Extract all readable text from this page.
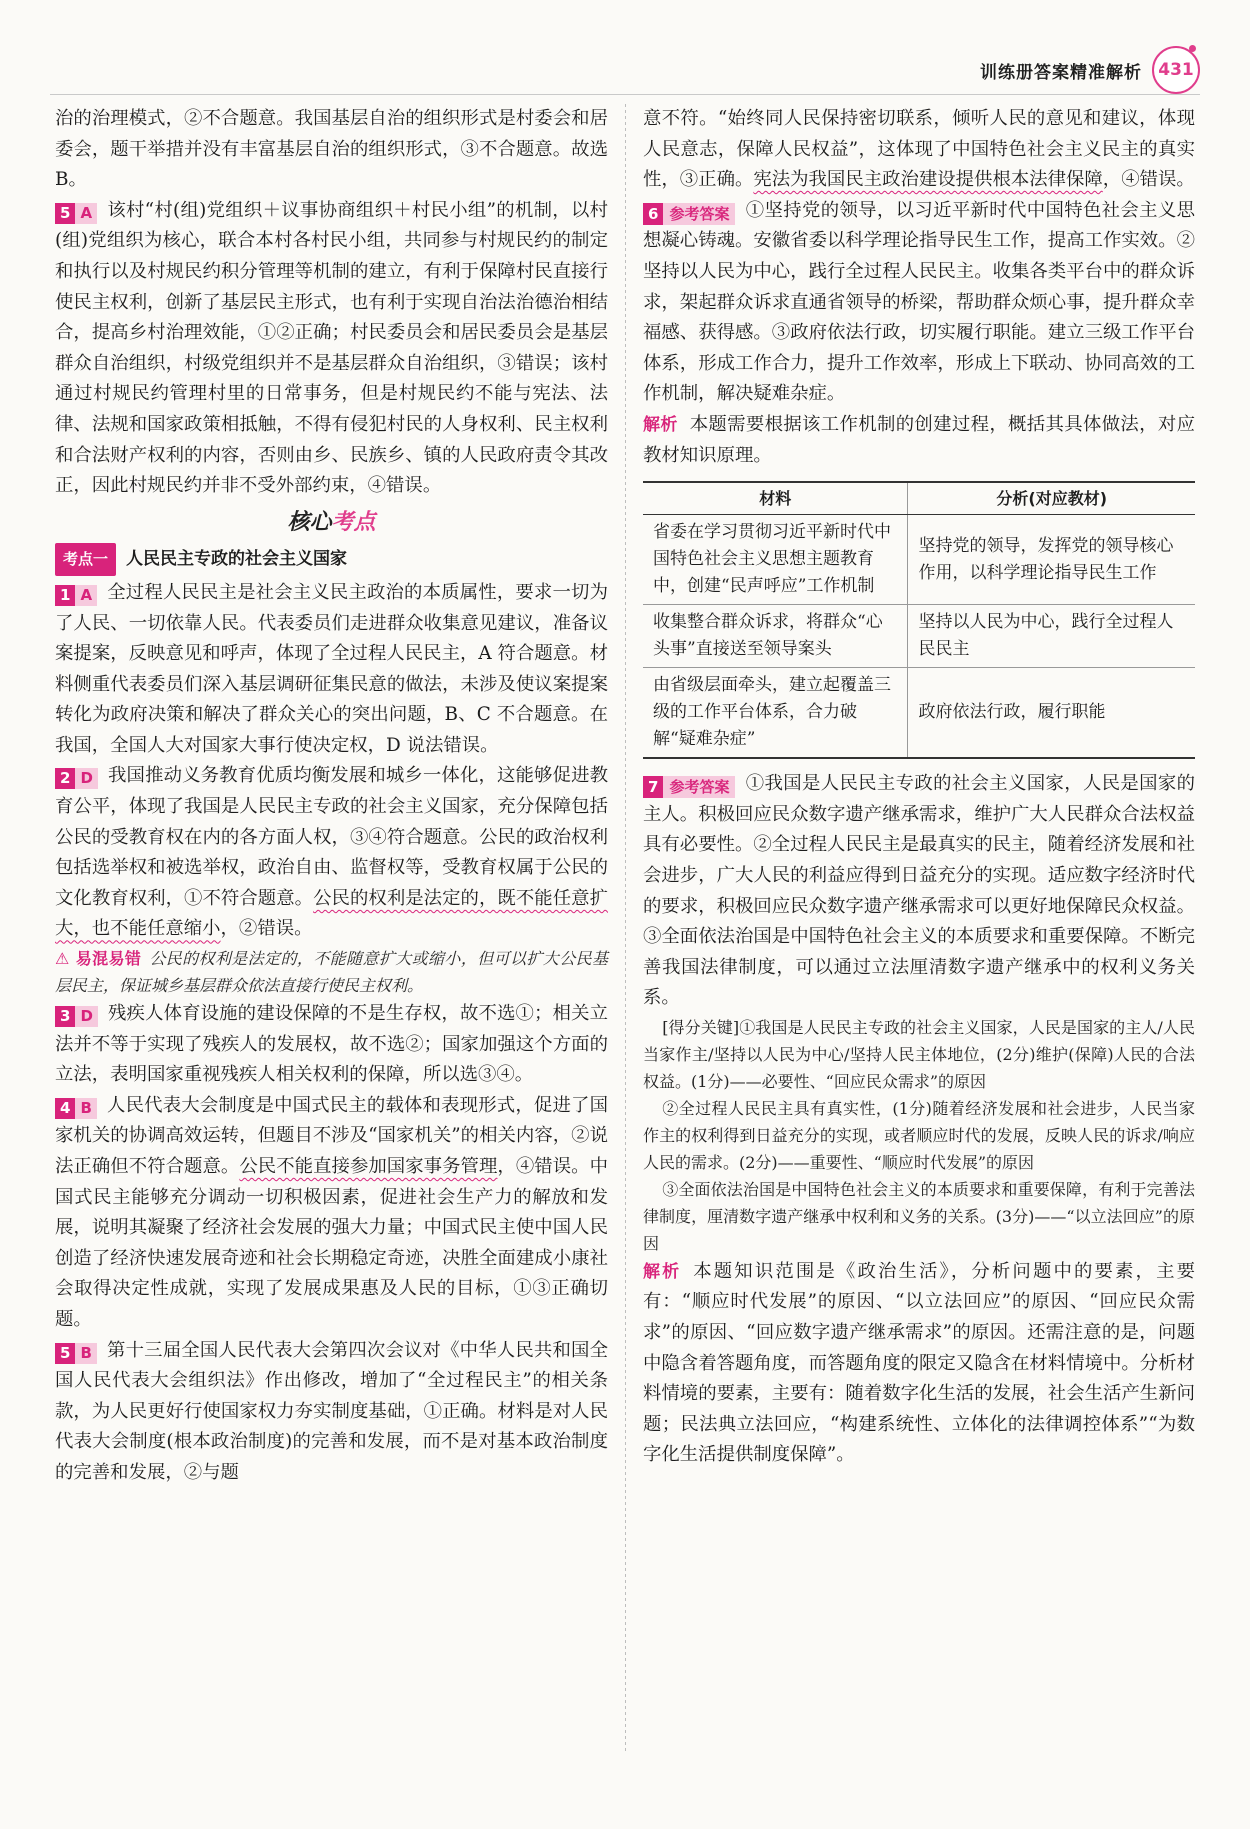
训练册答案精准解析 431

治的治理模式，②不合题意。我国基层自治的组织形式是村委会和居委会，题干举措并没有丰富基层自治的组织形式，③不合题意。故选 B。

5 A 该村“村(组)党组织＋议事协商组织＋村民小组”的机制，以村(组)党组织为核心，联合本村各村民小组，共同参与村规民约的制定和执行以及村规民约积分管理等机制的建立，有利于保障村民直接行使民主权利，创新了基层民主形式，也有利于实现自治法治德治相结合，提高乡村治理效能，①②正确；村民委员会和居民委员会是基层群众自治组织，村级党组织并不是基层群众自治组织，③错误；该村通过村规民约管理村里的日常事务，但是村规民约不能与宪法、法律、法规和国家政策相抵触，不得有侵犯村民的人身权利、民主权利和合法财产权利的内容，否则由乡、民族乡、镇的人民政府责令其改正，因此村规民约并非不受外部约束，④错误。

核心考点
考点一	人民民主专政的社会主义国家

1 A 全过程人民民主是社会主义民主政治的本质属性，要求一切为了人民、一切依靠人民。代表委员们走进群众收集意见建议，准备议案提案，反映意见和呼声，体现了全过程人民民主，A 符合题意。材料侧重代表委员们深入基层调研征集民意的做法，未涉及使议案提案转化为政府决策和解决了群众关心的突出问题，B、C 不合题意。在我国，全国人大对国家大事行使决定权，D 说法错误。

2 D 我国推动义务教育优质均衡发展和城乡一体化，这能够促进教育公平，体现了我国是人民民主专政的社会主义国家，充分保障包括公民的受教育权在内的各方面人权，③④符合题意。公民的政治权利包括选举权和被选举权，政治自由、监督权等，受教育权属于公民的文化教育权利，①不符合题意。公民的权利是法定的，既不能任意扩大，也不能任意缩小，②错误。

⚠ 易混易错 公民的权利是法定的，不能随意扩大或缩小，但可以扩大公民基层民主，保证城乡基层群众依法直接行使民主权利。

3 D 残疾人体育设施的建设保障的不是生存权，故不选①；相关立法并不等于实现了残疾人的发展权，故不选②；国家加强这个方面的立法，表明国家重视残疾人相关权利的保障，所以选③④。

4 B 人民代表大会制度是中国式民主的载体和表现形式，促进了国家机关的协调高效运转，但题目不涉及“国家机关”的相关内容，②说法正确但不符合题意。公民不能直接参加国家事务管理，④错误。中国式民主能够充分调动一切积极因素，促进社会生产力的解放和发展，说明其凝聚了经济社会发展的强大力量；中国式民主使中国人民创造了经济快速发展奇迹和社会长期稳定奇迹，决胜全面建成小康社会取得决定性成就，实现了发展成果惠及人民的目标，①③正确切题。

5 B 第十三届全国人民代表大会第四次会议对《中华人民共和国全国人民代表大会组织法》作出修改，增加了“全过程民主”的相关条款，为人民更好行使国家权力夯实制度基础，①正确。材料是对人民代表大会制度(根本政治制度)的完善和发展，而不是对基本政治制度的完善和发展，②与题

意不符。“始终同人民保持密切联系，倾听人民的意见和建议，体现人民意志，保障人民权益”，这体现了中国特色社会主义民主的真实性，③正确。宪法为我国民主政治建设提供根本法律保障，④错误。

6 参考答案 ①坚持党的领导，以习近平新时代中国特色社会主义思想凝心铸魂。安徽省委以科学理论指导民生工作，提高工作实效。②坚持以人民为中心，践行全过程人民民主。收集各类平台中的群众诉求，架起群众诉求直通省领导的桥梁，帮助群众烦心事，提升群众幸福感、获得感。③政府依法行政，切实履行职能。建立三级工作平台体系，形成工作合力，提升工作效率，形成上下联动、协同高效的工作机制，解决疑难杂症。

解析 本题需要根据该工作机制的创建过程，概括其具体做法，对应教材知识原理。

材料	分析(对应教材)
省委在学习贯彻习近平新时代中国特色社会主义思想主题教育中，创建“民声呼应”工作机制	坚持党的领导，发挥党的领导核心作用，以科学理论指导民生工作
收集整合群众诉求，将群众“心头事”直接送至领导案头	坚持以人民为中心，践行全过程人民民主
由省级层面牵头，建立起覆盖三级的工作平台体系，合力破解“疑难杂症”	政府依法行政，履行职能

7 参考答案 ①我国是人民民主专政的社会主义国家，人民是国家的主人。积极回应民众数字遗产继承需求，维护广大人民群众合法权益具有必要性。②全过程人民民主是最真实的民主，随着经济发展和社会进步，广大人民的利益应得到日益充分的实现。适应数字经济时代的要求，积极回应民众数字遗产继承需求可以更好地保障民众权益。③全面依法治国是中国特色社会主义的本质要求和重要保障。不断完善我国法律制度，可以通过立法厘清数字遗产继承中的权利义务关系。

[得分关键]①我国是人民民主专政的社会主义国家，人民是国家的主人/人民当家作主/坚持以人民为中心/坚持人民主体地位，(2分)维护(保障)人民的合法权益。(1分)——必要性、“回应民众需求”的原因

②全过程人民民主具有真实性，(1分)随着经济发展和社会进步，人民当家作主的权利得到日益充分的实现，或者顺应时代的发展，反映人民的诉求/响应人民的需求。(2分)——重要性、“顺应时代发展”的原因

③全面依法治国是中国特色社会主义的本质要求和重要保障，有利于完善法律制度，厘清数字遗产继承中权利和义务的关系。(3分)——“以立法回应”的原因

解析 本题知识范围是《政治生活》，分析问题中的要素，主要有：“顺应时代发展”的原因、“以立法回应”的原因、“回应民众需求”的原因、“回应数字遗产继承需求”的原因。还需注意的是，问题中隐含着答题角度，而答题角度的限定又隐含在材料情境中。分析材料情境的要素，主要有：随着数字化生活的发展，社会生活产生新问题；民法典立法回应，“构建系统性、立体化的法律调控体系”“为数字化生活提供制度保障”。
